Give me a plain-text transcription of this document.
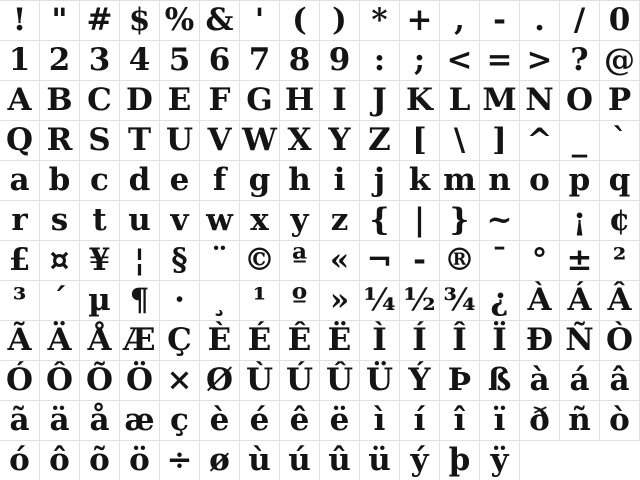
! " # $ % & ' ( ) * + , - . / 0
1 2 3 4 5 6 7 8 9 : ; < = > ? @
A B C D E F G H I J K L M N O P
Q R S T U V W X Y Z [ \ ] ^ _ `
a b c d e f g h i j k m n o p q
r s t u v w x y z { | } ~	¡ ¢
£ ¤ ¥ ¦ § ¨ © ª « ¬ - ® ¯ ° ± ²
³ ´ µ ¶ · ¸ ¹ º » ¼ ½ ¾ ¿ À Á Â
Ã Ä Å Æ Ç È É Ê Ë Ì Í Î Ï Ð Ñ Ò
Ó Ô Õ Ö × Ø Ù Ú Û Ü Ý Þ ß à á â
ã ä å æ ç è é ê ë ì í î ï ð ñ ò
ó ô õ ö ÷ ø ù ú û ü ý þ ÿ
